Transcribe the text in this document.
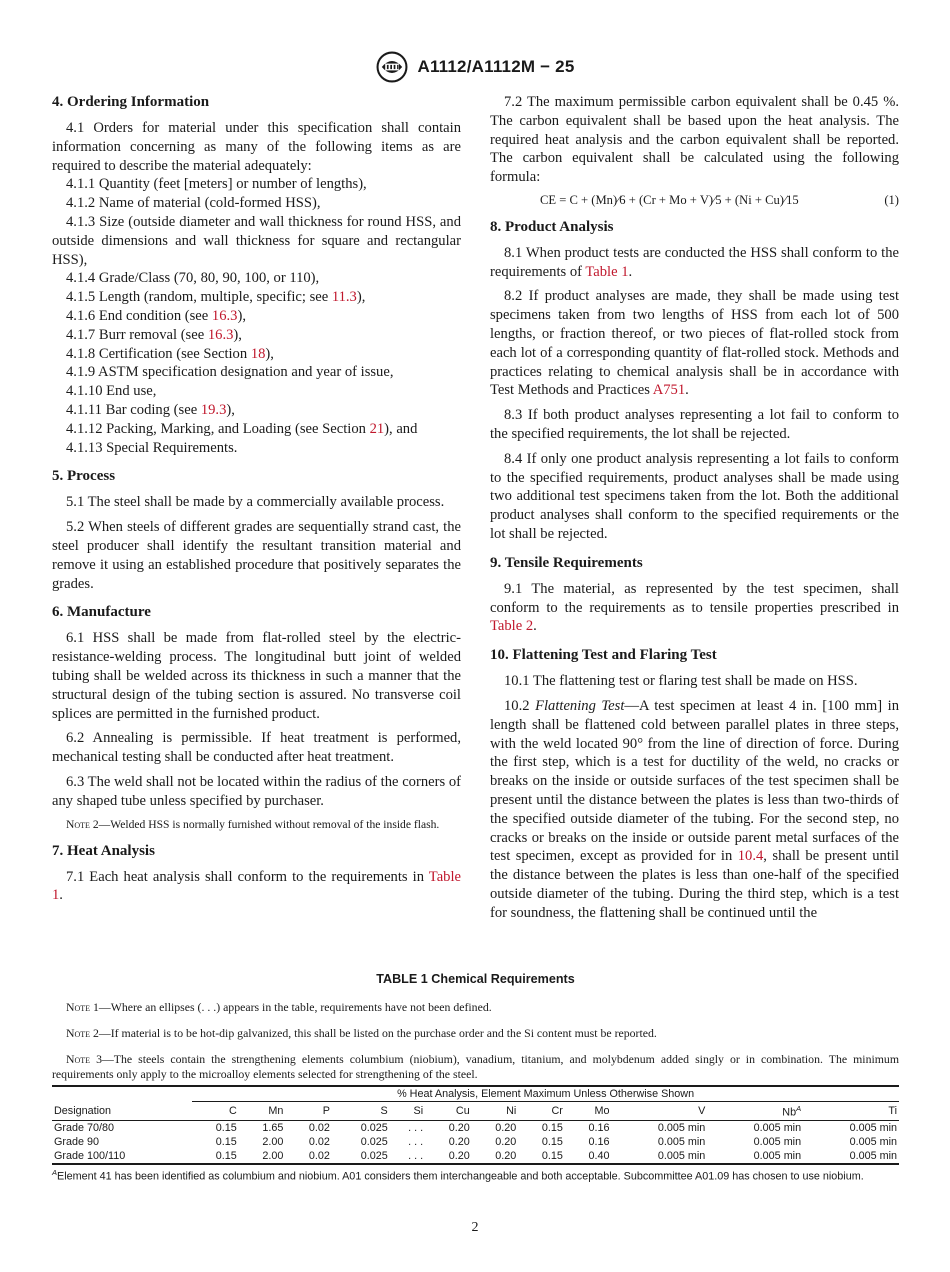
A1112/A1112M − 25
4. Ordering Information

4.1 Orders for material under this specification shall contain information concerning as many of the following items as are required to describe the material adequately:

4.1.1 Quantity (feet [meters] or number of lengths),
4.1.2 Name of material (cold-formed HSS),
4.1.3 Size (outside diameter and wall thickness for round HSS, and outside dimensions and wall thickness for square and rectangular HSS),
4.1.4 Grade/Class (70, 80, 90, 100, or 110),
4.1.5 Length (random, multiple, specific; see 11.3),
4.1.6 End condition (see 16.3),
4.1.7 Burr removal (see 16.3),
4.1.8 Certification (see Section 18),
4.1.9 ASTM specification designation and year of issue,
4.1.10 End use,
4.1.11 Bar coding (see 19.3),
4.1.12 Packing, Marking, and Loading (see Section 21), and
4.1.13 Special Requirements.
5. Process

5.1 The steel shall be made by a commercially available process.

5.2 When steels of different grades are sequentially strand cast, the steel producer shall identify the resultant transition material and remove it using an established procedure that positively separates the grades.

6. Manufacture

6.1 HSS shall be made from flat-rolled steel by the electric-resistance-welding process. The longitudinal butt joint of welded tubing shall be welded across its thickness in such a manner that the structural design of the tubing section is assured. No transverse coil splices are permitted in the furnished product.

6.2 Annealing is permissible. If heat treatment is performed, mechanical testing shall be conducted after heat treatment.

6.3 The weld shall not be located within the radius of the corners of any shaped tube unless specified by purchaser.

Note 2—Welded HSS is normally furnished without removal of the inside flash.
7. Heat Analysis

7.1 Each heat analysis shall conform to the requirements in Table 1.

7.2 The maximum permissible carbon equivalent shall be 0.45 %. The carbon equivalent shall be based upon the heat analysis. The required heat analysis and the carbon equivalent shall be reported. The carbon equivalent shall be calculated using the following formula:

CE = C + (Mn)⁄6 + (Cr + Mo + V)⁄5 + (Ni + Cu)⁄15	(1)
8. Product Analysis

8.1 When product tests are conducted the HSS shall conform to the requirements of Table 1.

8.2 If product analyses are made, they shall be made using test specimens taken from two lengths of HSS from each lot of 500 lengths, or fraction thereof, or two pieces of flat-rolled stock from each lot of a corresponding quantity of flat-rolled stock. Methods and practices relating to chemical analysis shall be in accordance with Test Methods and Practices A751.

8.3 If both product analyses representing a lot fail to conform to the specified requirements, the lot shall be rejected.

8.4 If only one product analysis representing a lot fails to conform to the specified requirements, product analyses shall be made using two additional test specimens taken from the lot. Both the additional product analyses shall conform to the specified requirements or the lot shall be rejected.

9. Tensile Requirements

9.1 The material, as represented by the test specimen, shall conform to the requirements as to tensile properties prescribed in Table 2.

10. Flattening Test and Flaring Test

10.1 The flattening test or flaring test shall be made on HSS.

10.2 Flattening Test—A test specimen at least 4 in. [100 mm] in length shall be flattened cold between parallel plates in three steps, with the weld located 90° from the line of direction of force. During the first step, which is a test for ductility of the weld, no cracks or breaks on the inside or outside surfaces of the test specimen shall be present until the distance between the plates is less than two-thirds of the specified outside diameter of the tubing. For the second step, no cracks or breaks on the inside or outside parent metal surfaces of the test specimen, except as provided for in 10.4, shall be present until the distance between the plates is less than one-half of the specified outside diameter of the tubing. During the third step, which is a test for soundness, the flattening shall be continued until the

TABLE 1 Chemical Requirements
Note 1—Where an ellipses (. . .) appears in the table, requirements have not been defined.
Note 2—If material is to be hot-dip galvanized, this shall be listed on the purchase order and the Si content must be reported.
Note 3—The steels contain the strengthening elements columbium (niobium), vanadium, titanium, and molybdenum added singly or in combination. The minimum requirements only apply to the microalloy elements selected for strengthening of the steel.
	% Heat Analysis, Element Maximum Unless Otherwise Shown											
Designation	C	Mn	P	S	Si	Cu	Ni	Cr	Mo	V	$Nb^A$	Ti
Grade 70/80	0.15	1.65	0.02	0.025	. . .	0.20	0.20	0.15	0.16	0.005 min	0.005 min	0.005 min
Grade 90	0.15	2.00	0.02	0.025	. . .	0.20	0.20	0.15	0.16	0.005 min	0.005 min	0.005 min
Grade 100/110	0.15	2.00	0.02	0.025	. . .	0.20	0.20	0.15	0.40	0.005 min	0.005 min	0.005 min
$^A$Element 41 has been identified as columbium and niobium. A01 considers them interchangeable and both acceptable. Subcommittee A01.09 has chosen to use niobium.
2
